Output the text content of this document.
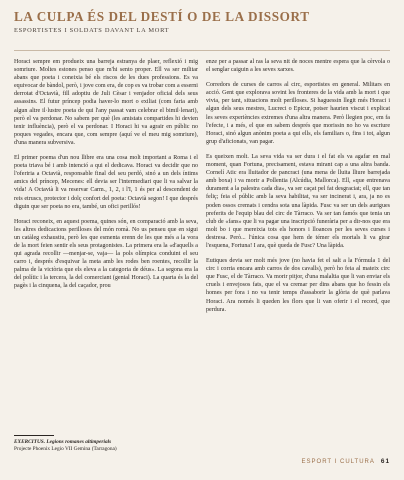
LA CULPA ÉS DEL DESTÍ O DE LA DISSORT
ESPORTISTES I SOLDATS DAVANT LA MORT

Horaci sempre em produeix una barreja estranya de plaer, reflexió i mig somriure. Moltes estones penso que m'hi sento proper. Ell va ser militar abans que poeta i coneixia bé els riscos de les dues professions. Es va equivocar de bàndol, però, i jove com era, de cop es va trobar com a esserni derrotat d'Octavià, fill adoptiu de Juli Cèsar i venjador oficial dels seus assassins. El futur príncep podia haver-lo mort o exiliat (com faria amb algun altre il·lustre poeta de qui l'any passat vam celebrar el bimil·lenari), però el va perdonar. No sabem per què (les amistats compartides hi devien tenir influència), però el va perdonar. I Horaci hi va agrair en públic no poques vegades, encara que, com sempre (aquí ve el meu mig somriure), d'una manera subversiva.

El primer poema d'un nou llibre era una cosa molt important a Roma i el poeta triava bé i amb intenció a qui el dedicava. Horaci va decidir que no l'oferiria a Octavià, responsable final del seu perdó, sinó a un dels íntims amics del príncep, Mecenes: ell devia ser l'intermediari que li va salvar la vida! A Octavià li va reservar Carm., 1, 2, i l'I, 1 és per al descendent de reis etruscs, protector i dolç confort del poeta: Octavià segon! I que després diguin que ser poeta no era, també, un ofici perillós!

Horaci reconeix, en aquest poema, quines són, en comparació amb la seva, les altres dedicacions perilloses del món romà. No us penseu que en sigui un catàleg exhaustiu, però les que esmenta erenn de les que més a la vora de la mort feien sentir els seus protagonistes. La primera era la «d'aquells a qui agrada recollir —menjar-se, vaja— la pols olímpica conduint el seu carro i, després d'esquivar la meta amb les rodes ben roentes, recollir la palma de la victòria que els eleva a la categoria de déus». La segona era la del polític i la tercera, la del comerciant (genial Horaci). La quarta és la del pagès i la cinquena, la del caçador, prou

EXERCITUS. Legions romanes altimperials
Projecte Phoenix Legio VII Gemina (Tarragona)

enze per a passar al ras la seva nit de noces mentre espera que la cèrvola o el senglar caiguin a les seves xarxes.

Corredors de curses de carros al circ, esportistes en general. Militars en acció. Gent que explorava sovint les fronteres de la vida amb la mort i que vivia, per tant, situacions molt perilloses. Si haguessin llegit més Horaci i algun dels seus mestres, Lucreci o Epicur, potser haurien viscut i explicat les seves experiències extremes d'una altra manera. Però llegien poc, em fa l'efecte, i a més, el que en sabem després que morissin no ho va escriure Horaci, sinó algun anònim poeta a qui ells, els familiars o, fins i tot, algun grup d'aficionats, van pagar.

Es queixen molt. La seva vida va ser dura i el fat els va agafar en mal moment, quan Fortuna, precisament, estava mirant cap a una altra banda. Cornelí Atic era lluitador de pancraci (una mena de lluita lliure barrejada amb boxa) i va morir a Pollentia (Alcúdia, Mallorca). Ell, «que entrenava durament a la palestra cada dia», va ser caçat pel fat desgraciat; ell, que tan feliç; feia el públic amb la seva habilitat, va ser incinerat i, ara, ja no es poden ossos cremats i cendra sota una làpida. Fusc va ser un dels aurigues preferits de l'equip blau del circ de Tàrraco. Va ser tan famós que tenia un club de «fans» que li va pagar una inscripció funerària per a dir-nos que era molt bo i que mereixia tots els honors i lloances per les seves curses i destresa. Però... l'única cosa que hem de témer els mortals li va girar l'esquena, Fortuna! I ara, què queda de Fusc? Una làpida.

Eutiques devia ser molt més jove (no havia fet el salt a la Fórmula 1 del circ i corria encara amb carros de dos cavalls), però ho feia al mateix circ que Fusc, el de Tàrraco. Va morir pitjor, d'una malaltia que li van enviar els cruels i envejosos fats, que el va cremar per dins abans que ho fessin els homes per fora i no va tenir temps d'assaborir la glòria de què parlava Horaci. Ara només li queden les flors que li van oferir i el record, que perdura.

ESPORT I CULTURA 61
